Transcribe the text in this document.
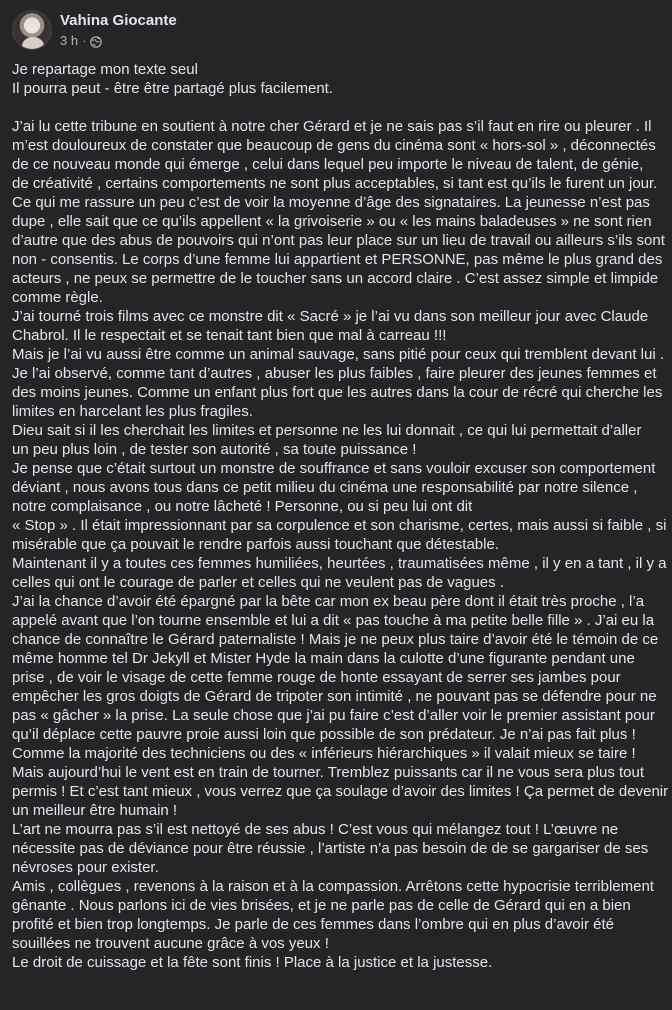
Vahina Giocante
3 h ·
Je repartage mon texte seul
Il pourra peut - être être partagé plus facilement.
J’ai lu cette tribune en soutient à notre cher Gérard et je ne sais pas s’il faut en rire ou pleurer . Il
m’est douloureux de constater que beaucoup de gens du cinéma sont « hors-sol » , déconnectés
de ce nouveau monde qui émerge , celui dans lequel peu importe le niveau de talent, de génie,
de créativité , certains comportements ne sont plus acceptables, si tant est qu’ils le furent un jour.
Ce qui me rassure un peu c’est de voir la moyenne d’âge des signataires. La jeunesse n’est pas
dupe , elle sait que ce qu’ils appellent « la grivoiserie » ou « les mains baladeuses » ne sont rien
d’autre que des abus de pouvoirs qui n’ont pas leur place sur un lieu de travail ou ailleurs s’ils sont
non - consentis. Le corps d’une femme lui appartient et PERSONNE, pas même le plus grand des
acteurs , ne peux se permettre de le toucher sans un accord claire . C’est assez simple et limpide
comme règle.
J’ai tourné trois films avec ce monstre dit « Sacré » je l’ai vu dans son meilleur jour avec Claude
Chabrol. Il le respectait et se tenait tant bien que mal à carreau !!!
Mais je l’ai vu aussi être comme un animal sauvage, sans pitié pour ceux qui tremblent devant lui .
Je l’ai observé, comme tant d’autres , abuser les plus faibles , faire pleurer des jeunes femmes et
des moins jeunes. Comme un enfant plus fort que les autres dans la cour de récré qui cherche les
limites en harcelant les plus fragiles.
Dieu sait si il les cherchait les limites et personne ne les lui donnait , ce qui lui permettait d’aller
un peu plus loin , de tester son autorité , sa toute puissance !
Je pense que c’était surtout un monstre de souffrance et sans vouloir excuser son comportement
déviant , nous avons tous dans ce petit milieu du cinéma une responsabilité par notre silence ,
notre complaisance , ou notre lâcheté ! Personne, ou si peu lui ont dit
« Stop » . Il était impressionnant par sa corpulence et son charisme, certes, mais aussi si faible , si
misérable que ça pouvait le rendre parfois aussi touchant que détestable.
Maintenant il y a toutes ces femmes humiliées, heurtées , traumatisées même , il y en a tant , il y a
celles qui ont le courage de parler et celles qui ne veulent pas de vagues .
J’ai la chance d’avoir été épargné par la bête car mon ex beau père dont il était très proche , l’a
appelé avant que l’on tourne ensemble et lui a dit « pas touche à ma petite belle fille » . J’ai eu la
chance de connaître le Gérard paternaliste ! Mais je ne peux plus taire d’avoir été le témoin de ce
même homme tel Dr Jekyll et Mister Hyde la main dans la culotte d’une figurante pendant une
prise , de voir le visage de cette femme rouge de honte essayant de serrer ses jambes pour
empêcher les gros doigts de Gérard de tripoter son intimité , ne pouvant pas se défendre pour ne
pas « gâcher » la prise. La seule chose que j’ai pu faire c’est d’aller voir le premier assistant pour
qu’il déplace cette pauvre proie aussi loin que possible de son prédateur. Je n’ai pas fait plus !
Comme la majorité des techniciens ou des « inférieurs hiérarchiques » il valait mieux se taire !
Mais aujourd’hui le vent est en train de tourner. Tremblez puissants car il ne vous sera plus tout
permis ! Et c’est tant mieux , vous verrez que ça soulage d’avoir des limites ! Ça permet de devenir
un meilleur être humain !
L’art ne mourra pas s’il est nettoyé de ses abus ! C’est vous qui mélangez tout ! L’œuvre ne
nécessite pas de déviance pour être réussie , l’artiste n’a pas besoin de de se gargariser de ses
névroses pour exister.
Amis , collègues , revenons à la raison et à la compassion. Arrêtons cette hypocrisie terriblement
gênante . Nous parlons ici de vies brisées, et je ne parle pas de celle de Gérard qui en a bien
profité et bien trop longtemps. Je parle de ces femmes dans l’ombre qui en plus d’avoir été
souillées ne trouvent aucune grâce à vos yeux !
Le droit de cuissage et la fête sont finis ! Place à la justice et la justesse.
